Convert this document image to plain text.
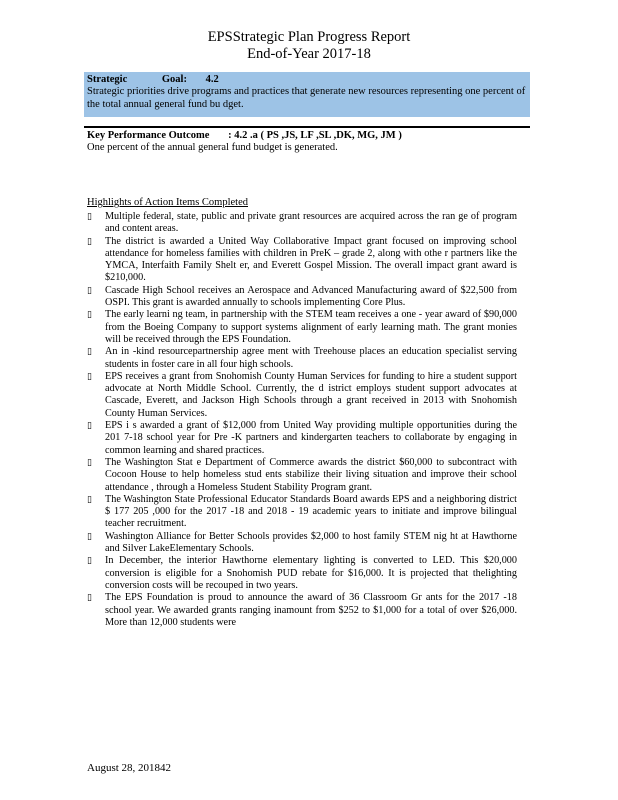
EPSStrategic Plan Progress Report
End-of-Year 2017-18
Strategic	Goal: 4.2
Strategic priorities drive programs and practices that generate new resources representing one percent of the total annual general fund bu dget.
Key Performance Outcome : 4.2 .a ( PS ,JS, LF ,SL ,DK, MG, JM )
One percent of the annual general fund budget is generated.
Highlights of Action Items Completed
▯ Multiple federal, state, public and private grant resources are acquired across the ran ge of program and content areas.
▯ The district is awarded a United Way Collaborative Impact grant focused on improving school attendance for homeless families with children in PreK – grade 2, along with othe r partners like the YMCA, Interfaith Family Shelt er, and Everett Gospel Mission. The overall impact grant award is $210,000.
▯ Cascade High School receives an Aerospace and Advanced Manufacturing award of $22,500 from OSPI. This grant is awarded annually to schools implementing Core Plus.
▯ The early learni ng team, in partnership with the STEM team receives a one - year award of $90,000 from the Boeing Company to support systems alignment of early learning math. The grant monies will be received through the EPS Foundation.
▯ An in -kind resourcepartnership agree ment with Treehouse places an education specialist serving students in foster care in all four high schools.
▯ EPS receives a grant from Snohomish County Human Services for funding to hire a student support advocate at North Middle School. Currently, the d istrict employs student support advocates at Cascade, Everett, and Jackson High Schools through a grant received in 2013 with Snohomish County Human Services.
▯ EPS i s awarded a grant of $12,000 from United Way providing multiple opportunities during the 201 7-18 school year for Pre -K partners and kindergarten teachers to collaborate by engaging in common learning and shared practices.
▯ The Washington Stat e Department of Commerce awards the district $60,000 to subcontract with Cocoon House to help homeless stud ents stabilize their living situation and improve their school attendance , through a Homeless Student Stability Program grant.
▯ The Washington State Professional Educator Standards Board awards EPS and a neighboring district $ 177 205 ,000 for the 2017 -18 and 2018 - 19 academic years to initiate and improve bilingual teacher recruitment.
▯ Washington Alliance for Better Schools provides $2,000 to host family STEM nig ht at Hawthorne and Silver LakeElementary Schools.
▯ In December, the interior Hawthorne elementary lighting is converted to LED. This $20,000 conversion is eligible for a Snohomish PUD rebate for $16,000. It is projected that thelighting conversion costs will be recouped in two years.
▯ The EPS Foundation is proud to announce the award of 36 Classroom Gr ants for the 2017 -18 school year. We awarded grants ranging inamount from $252 to $1,000 for a total of over $26,000. More than 12,000 students were
August 28, 201842
